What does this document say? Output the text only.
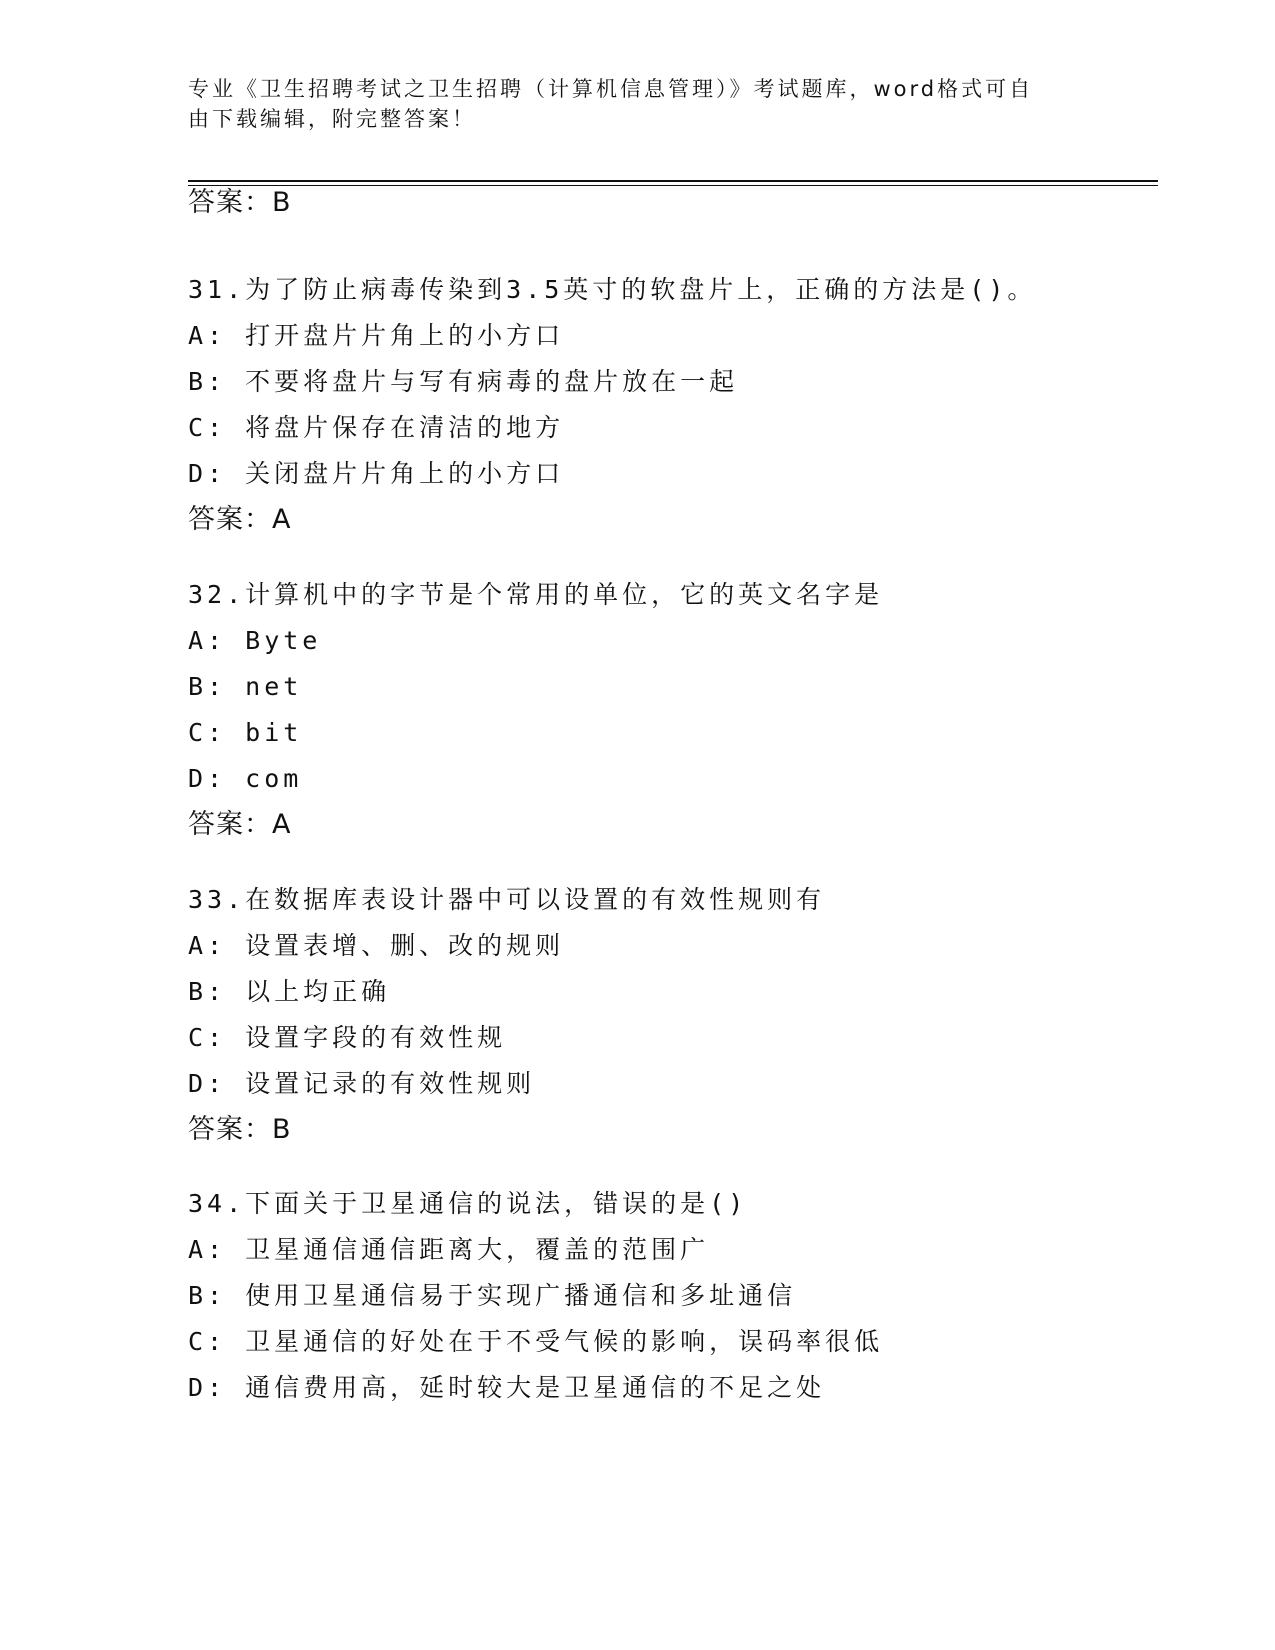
专业《卫生招聘考试之卫生招聘（计算机信息管理）》考试题库，word格式可自
由下载编辑，附完整答案！
答案：B
31.为了防止病毒传染到3.5英寸的软盘片上，正确的方法是()。
A: 打开盘片片角上的小方口
B: 不要将盘片与写有病毒的盘片放在一起
C: 将盘片保存在清洁的地方
D: 关闭盘片片角上的小方口
答案：A
32.计算机中的字节是个常用的单位，它的英文名字是
A: Byte
B: net
C: bit
D: com
答案：A
33.在数据库表设计器中可以设置的有效性规则有
A: 设置表增、删、改的规则
B: 以上均正确
C: 设置字段的有效性规
D: 设置记录的有效性规则
答案：B
34.下面关于卫星通信的说法，错误的是()
A: 卫星通信通信距离大，覆盖的范围广
B: 使用卫星通信易于实现广播通信和多址通信
C: 卫星通信的好处在于不受气候的影响，误码率很低
D: 通信费用高，延时较大是卫星通信的不足之处
